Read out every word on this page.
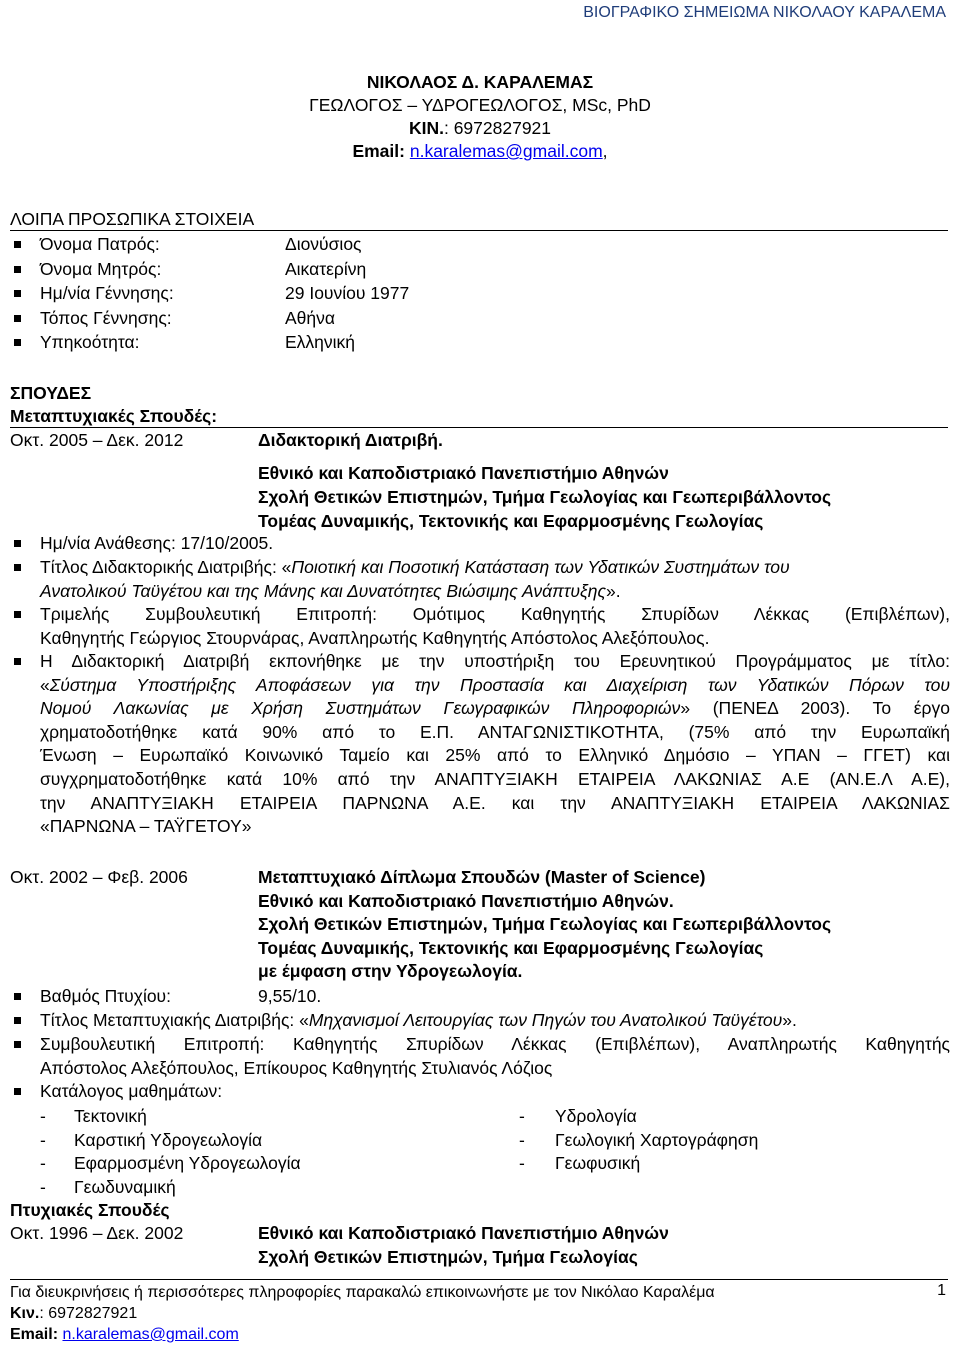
ΒΙΟΓΡΑΦΙΚΟ ΣΗΜΕΙΩΜΑ ΝΙΚΟΛΑΟΥ ΚΑΡΑΛΕΜΑ
ΝΙΚΟΛΑΟΣ Δ. ΚΑΡΑΛΕΜΑΣ
ΓΕΩΛΟΓΟΣ – ΥΔΡΟΓΕΩΛΟΓΟΣ, MSc, PhD
ΚΙΝ.: 6972827921
Email: n.karalemas@gmail.com,
ΛΟΙΠΑ ΠΡΟΣΩΠΙΚΑ ΣΤΟΙΧΕΙΑ
Όνομα Πατρός:	Διονύσιος
Όνομα Μητρός:	Αικατερίνη
Ημ/νία Γέννησης:	29 Ιουνίου 1977
Τόπος Γέννησης:	Αθήνα
Υπηκοότητα:	Ελληνική
ΣΠΟΥΔΕΣ
Μεταπτυχιακές Σπουδές:
Οκτ. 2005 – Δεκ. 2012	Διδακτορική Διατριβή.
Εθνικό και Καποδιστριακό Πανεπιστήμιο Αθηνών
Σχολή Θετικών Επιστημών, Τμήμα Γεωλογίας και Γεωπεριβάλλοντος
Τομέας Δυναμικής, Τεκτονικής και Εφαρμοσμένης Γεωλογίας
Ημ/νία Ανάθεσης: 17/10/2005.
Τίτλος Διδακτορικής Διατριβής: «Ποιοτική και Ποσοτική Κατάσταση των Υδατικών Συστημάτων του
Ανατολικού Ταϋγέτου και της Μάνης και Δυνατότητες Βιώσιμης Ανάπτυξης».
Τριμελής Συμβουλευτική Επιτροπή: Ομότιμος Καθηγητής Σπυρίδων Λέκκας (Επιβλέπων),
Καθηγητής Γεώργιος Στουρνάρας, Αναπληρωτής Καθηγητής Απόστολος Αλεξόπουλος.
Η Διδακτορική Διατριβή εκπονήθηκε με την υποστήριξη του Ερευνητικού Προγράμματος με τίτλο:
«Σύστημα Υποστήριξης Αποφάσεων για την Προστασία και Διαχείριση των Υδατικών Πόρων του
Νομού Λακωνίας με Χρήση Συστημάτων Γεωγραφικών Πληροφοριών» (ΠΕΝΕΔ 2003). Το έργο
χρηματοδοτήθηκε κατά 90% από το Ε.Π. ΑΝΤΑΓΩΝΙΣΤΙΚΟΤΗΤΑ, (75% από την Ευρωπαϊκή
Ένωση – Ευρωπαϊκό Κοινωνικό Ταμείο και 25% από το Ελληνικό Δημόσιο – ΥΠΑΝ – ΓΓΕΤ) και
συγχρηματοδοτήθηκε κατά 10% από την ΑΝΑΠΤΥΞΙΑΚΗ ΕΤΑΙΡΕΙΑ ΛΑΚΩΝΙΑΣ Α.Ε (ΑΝ.Ε.Λ Α.Ε),
την ΑΝΑΠΤΥΞΙΑΚΗ ΕΤΑΙΡΕΙΑ ΠΑΡΝΩΝΑ Α.Ε. και την ΑΝΑΠΤΥΞΙΑΚΗ ΕΤΑΙΡΕΙΑ ΛΑΚΩΝΙΑΣ
«ΠΑΡΝΩΝΑ – ΤΑΫΓΕΤΟΥ»
Οκτ. 2002 – Φεβ. 2006	Μεταπτυχιακό Δίπλωμα Σπουδών (Master of Science)
Εθνικό και Καποδιστριακό Πανεπιστήμιο Αθηνών.
Σχολή Θετικών Επιστημών, Τμήμα Γεωλογίας και Γεωπεριβάλλοντος
Τομέας Δυναμικής, Τεκτονικής και Εφαρμοσμένης Γεωλογίας
με έμφαση στην Υδρογεωλογία.
Βαθμός Πτυχίου:	9,55/10.
Τίτλος Μεταπτυχιακής Διατριβής: «Μηχανισμοί Λειτουργίας των Πηγών του Ανατολικού Ταϋγέτου».
Συμβουλευτική Επιτροπή: Καθηγητής Σπυρίδων Λέκκας (Επιβλέπων), Αναπληρωτής Καθηγητής
Απόστολος Αλεξόπουλος, Επίκουρος Καθηγητής Στυλιανός Λόζιος
Κατάλογος μαθημάτων:
- Τεκτονική
- Καρστική Υδρογεωλογία
- Εφαρμοσμένη Υδρογεωλογία
- Γεωδυναμική
- Υδρολογία
- Γεωλογική Χαρτογράφηση
- Γεωφυσική
Πτυχιακές Σπουδές
Οκτ. 1996 – Δεκ. 2002	Εθνικό και Καποδιστριακό Πανεπιστήμιο Αθηνών
Σχολή Θετικών Επιστημών, Τμήμα Γεωλογίας
Για διευκρινήσεις ή περισσότερες πληροφορίες παρακαλώ επικοινωνήστε με τον Νικόλαο Καραλέμα	1
Κιν.: 6972827921
Email: n.karalemas@gmail.com
